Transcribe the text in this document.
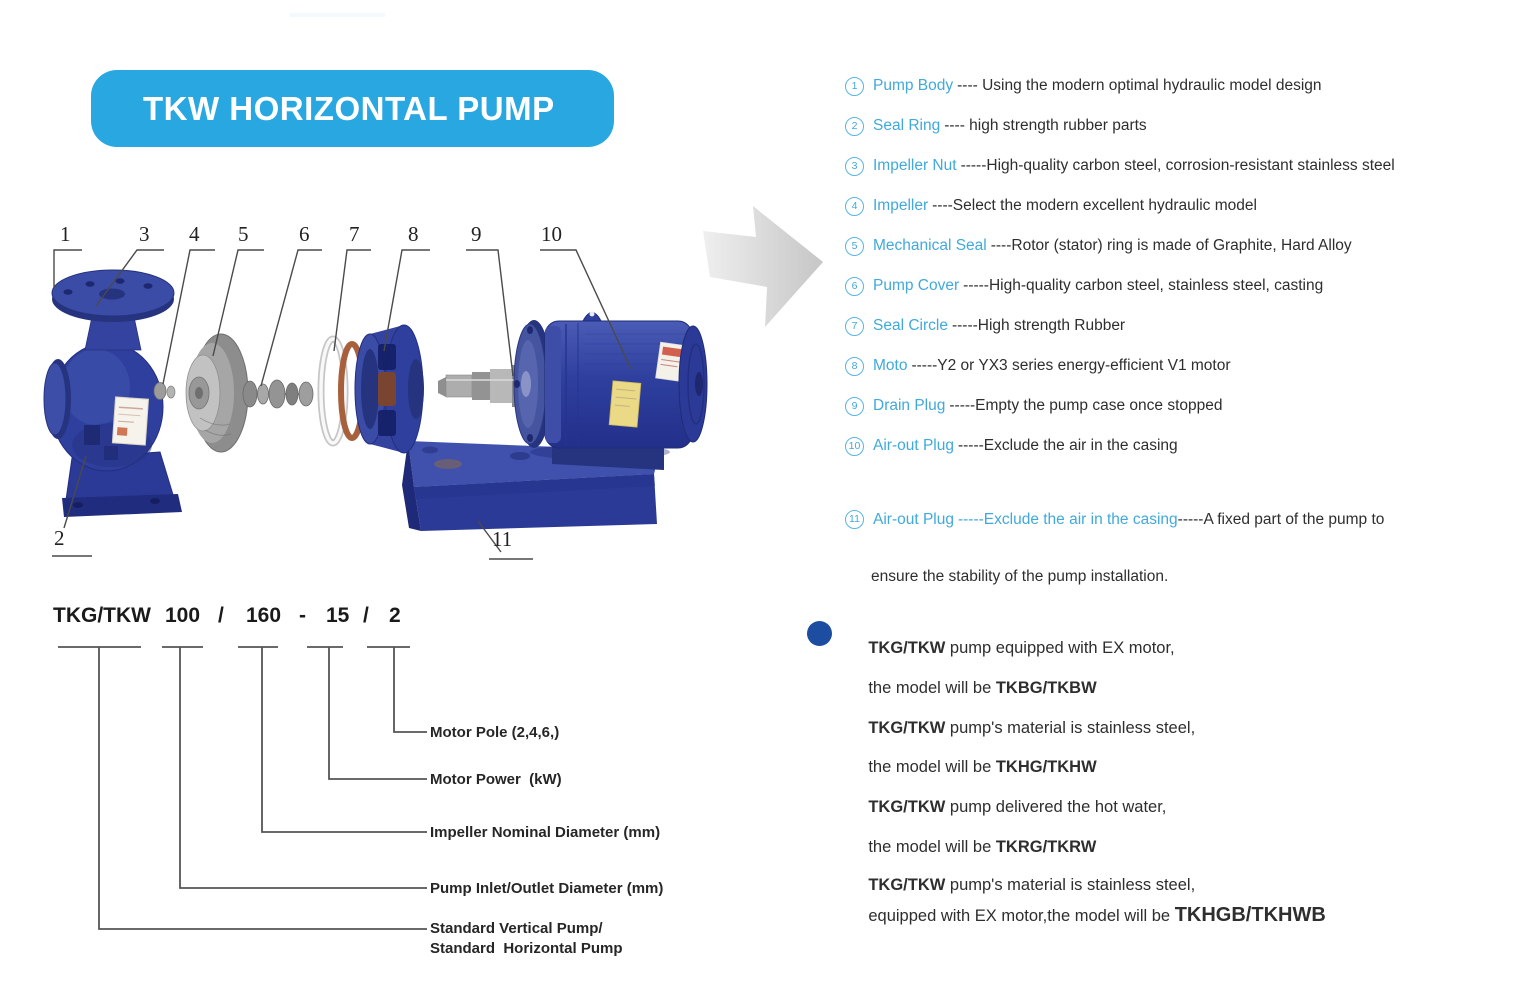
TKW HORIZONTAL PUMP
1	3 4 5 6 7 8	9	10
2	11
1	Pump Body ---- Using the modern optimal hydraulic model design
2	Seal Ring ---- high strength rubber parts
3	Impeller Nut -----High-quality carbon steel, corrosion-resistant stainless steel
4	Impeller ----Select the modern excellent hydraulic model
5	Mechanical Seal ----Rotor (stator) ring is made of Graphite, Hard Alloy
6	Pump Cover -----High-quality carbon steel, stainless steel, casting
7	Seal Circle -----High strength Rubber
8	Moto -----Y2 or YX3 series energy-efficient V1 motor
9	Drain Plug -----Empty the pump case once stopped
10 Air-out Plug -----Exclude the air in the casing

11 Air-out Plug -----Exclude the air in the casing -----A fixed part of the pump to

ensure the stability of the pump installation.

TKG/TKW 100 / 160 - 15 / 2
Motor Pole (2,4,6,)
Motor Power  (kW)
Impeller Nominal Diameter (mm)
Pump Inlet/Outlet Diameter (mm)
Standard Vertical Pump/
Standard  Horizontal Pump

TKG/TKW pump equipped with EX motor,

the model will be TKBG/TKBW

TKG/TKW pump's material is stainless steel,

the model will be TKHG/TKHW

TKG/TKW pump delivered the hot water,

the model will be TKRG/TKRW

TKG/TKW pump's material is stainless steel,

equipped with EX motor,the model will be TKHGB/TKHWB
